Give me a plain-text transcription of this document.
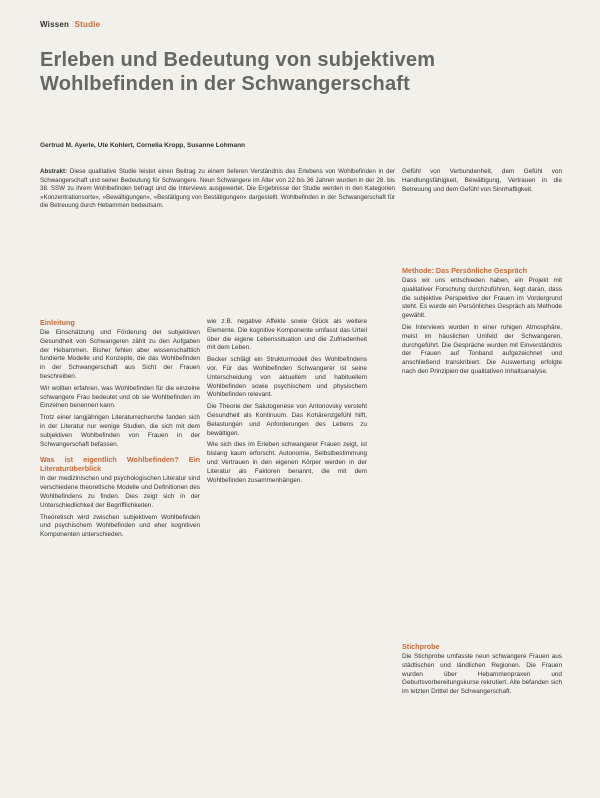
Wissen Studie
Erleben und Bedeutung von subjektivem Wohlbefinden in der Schwangerschaft
Gertrud M. Ayerle, Ute Kohlert, Cornelia Kropp, Susanne Lohmann
Abstrakt: Diese qualitative Studie leistet einen Beitrag zu einem tieferen Verständnis des Erlebens von Wohlbefinden in der Schwangerschaft und seiner Bedeutung für Schwangere. Neun Schwangere im Alter von 22 bis 36 Jahren wurden in der 28. bis 38. SSW zu ihrem Wohlbefinden befragt und die Interviews ausgewertet. Die Ergebnisse der Studie werden in den Kategorien »Konzentrationsorte«, »Bewältigungen«, »Bestätigung von Bestätigungen« dargestellt. Wohlbefinden in der Schwangerschaft für die Betreuung durch Hebammen bedeutsam.
Einleitung

Die Einschätzung und Förderung der subjektiven Gesundheit von Schwangeren zählt zu den Aufgaben der Hebammen. Bisher fehlen aber wissenschaftlich fundierte Modelle und Konzepte, die das Wohlbefinden in der Schwangerschaft aus Sicht der Frauen beschreiben.

Wir wollten erfahren, was Wohlbefinden für die einzelne schwangere Frau bedeutet und ob sie Wohlbefinden im Einzelnen benennen kann.

Trotz einer langjährigen Literaturrecherche fanden sich in der Literatur nur wenige Studien, die sich mit dem subjektiven Wohlbefinden von Frauen in der Schwangerschaft befassen.

Was ist eigentlich Wohlbefinden? Ein Literaturüberblick

In der medizinischen und psychologischen Literatur sind verschiedene theoretische Modelle und Definitionen des Wohlbefindens zu finden. Dies zeigt sich in der Unterschiedlichkeit der Begrifflichkeiten.

Theoretisch wird zwischen subjektivem Wohlbefinden und psychischem Wohlbefinden und eher kognitiven Komponenten unterschieden.

wie z.B. negative Affekte sowie Glück als weitere Elemente. Die kognitive Komponente umfasst das Urteil über die eigene Lebenssituation und die Zufriedenheit mit dem Leben.

Becker schlägt ein Strukturmodell des Wohlbefindens vor. Für das Wohlbefinden Schwangerer ist seine Unterscheidung von aktuellem und habituellem Wohlbefinden sowie psychischem und physischem Wohlbefinden relevant.

Die Theorie der Salutogenese von Antonovsky versteht Gesundheit als Kontinuum. Das Kohärenzgefühl hilft, Belastungen und Anforderungen des Lebens zu bewältigen.

Wie sich dies im Erleben schwangerer Frauen zeigt, ist bislang kaum erforscht. Autonomie, Selbstbestimmung und Vertrauen in den eigenen Körper werden in der Literatur als Faktoren benannt, die mit dem Wohlbefinden zusammenhängen.

Gefühl von Verbundenheit, dem Gefühl von Handlungsfähigkeit, Bewältigung, Vertrauen in die Betreuung und dem Gefühl von Sinnhaftigkeit.

Methode: Das Persönliche Gespräch

Dass wir uns entschieden haben, ein Projekt mit qualitativer Forschung durchzuführen, liegt daran, dass die subjektive Perspektive der Frauen im Vordergrund steht. Es wurde ein Persönliches Gespräch als Methode gewählt.

Die Interviews wurden in einer ruhigen Atmosphäre, meist im häuslichen Umfeld der Schwangeren, durchgeführt. Die Gespräche wurden mit Einverständnis der Frauen auf Tonband aufgezeichnet und anschließend transkribiert. Die Auswertung erfolgte nach den Prinzipien der qualitativen Inhaltsanalyse.

Stichprobe

Die Stichprobe umfasste neun schwangere Frauen aus städtischen und ländlichen Regionen. Die Frauen wurden über Hebammenpraxen und Geburtsvorbereitungskurse rekrutiert. Alle befanden sich im letzten Drittel der Schwangerschaft.
